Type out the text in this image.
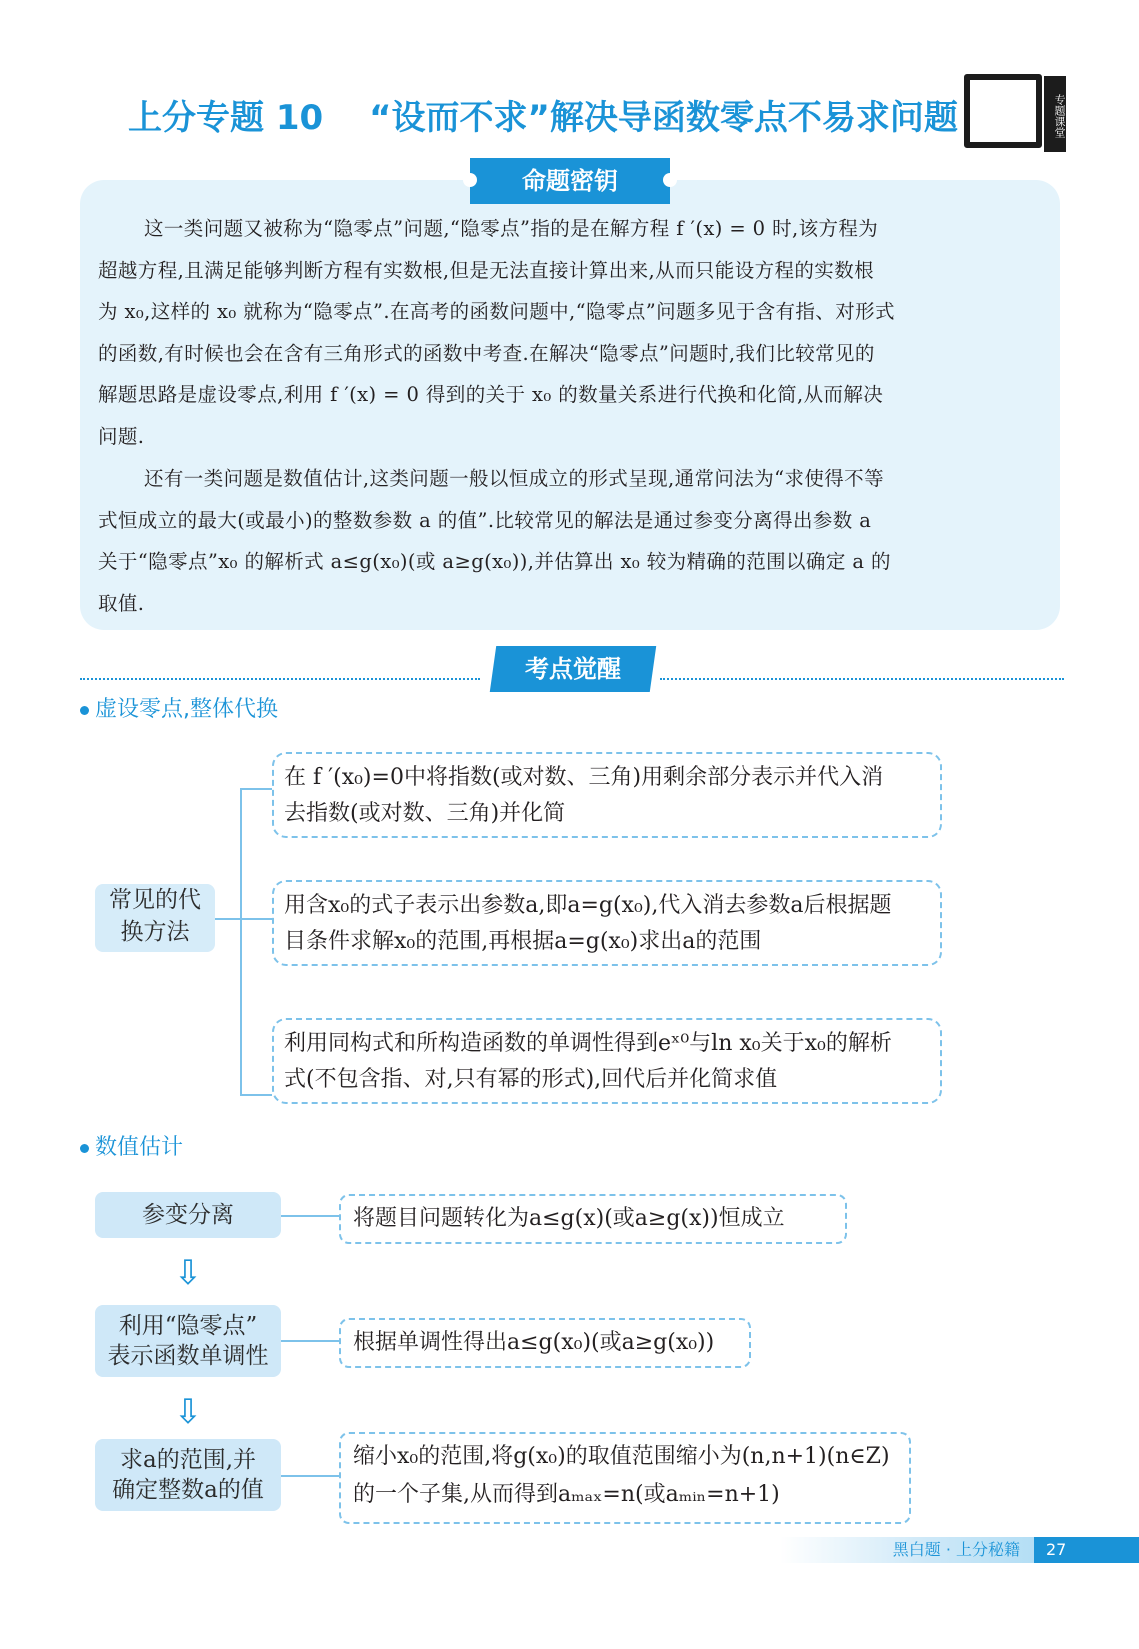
上分专题 10 “设而不求”解决导函数零点不易求问题	专题课堂
命题密钥
这一类问题又被称为“隐零点”问题,“隐零点”指的是在解方程 f ′(x) = 0 时,该方程为
超越方程,且满足能够判断方程有实数根,但是无法直接计算出来,从而只能设方程的实数根
为 x₀,这样的 x₀ 就称为“隐零点”.在高考的函数问题中,“隐零点”问题多见于含有指、对形式
的函数,有时候也会在含有三角形式的函数中考查.在解决“隐零点”问题时,我们比较常见的
解题思路是虚设零点,利用 f ′(x) = 0 得到的关于 x₀ 的数量关系进行代换和化简,从而解决
问题.
还有一类问题是数值估计,这类问题一般以恒成立的形式呈现,通常问法为“求使得不等
式恒成立的最大(或最小)的整数参数 a 的值”.比较常见的解法是通过参变分离得出参数 a
关于“隐零点”x₀ 的解析式 a≤g(x₀)(或 a≥g(x₀)),并估算出 x₀ 较为精确的范围以确定 a 的
取值.
考点觉醒
虚设零点,整体代换
常见的代
换方法
在 f ′(x₀)=0中将指数(或对数、三角)用剩余部分表示并代入消
去指数(或对数、三角)并化简
用含x₀的式子表示出参数a,即a=g(x₀),代入消去参数a后根据题
目条件求解x₀的范围,再根据a=g(x₀)求出a的范围
利用同构式和所构造函数的单调性得到eˣ⁰与ln x₀关于x₀的解析
式(不包含指、对,只有幂的形式),回代后并化简求值
数值估计
参变分离	将题目问题转化为a≤g(x)(或a≥g(x))恒成立
⇩
利用“隐零点”
表示函数单调性
根据单调性得出a≤g(x₀)(或a≥g(x₀))
⇩
求a的范围,并
确定整数a的值
缩小x₀的范围,将g(x₀)的取值范围缩小为(n,n+1)(n∈Z)
的一个子集,从而得到aₘₐₓ=n(或aₘᵢₙ=n+1)
黑白题 · 上分秘籍	27
